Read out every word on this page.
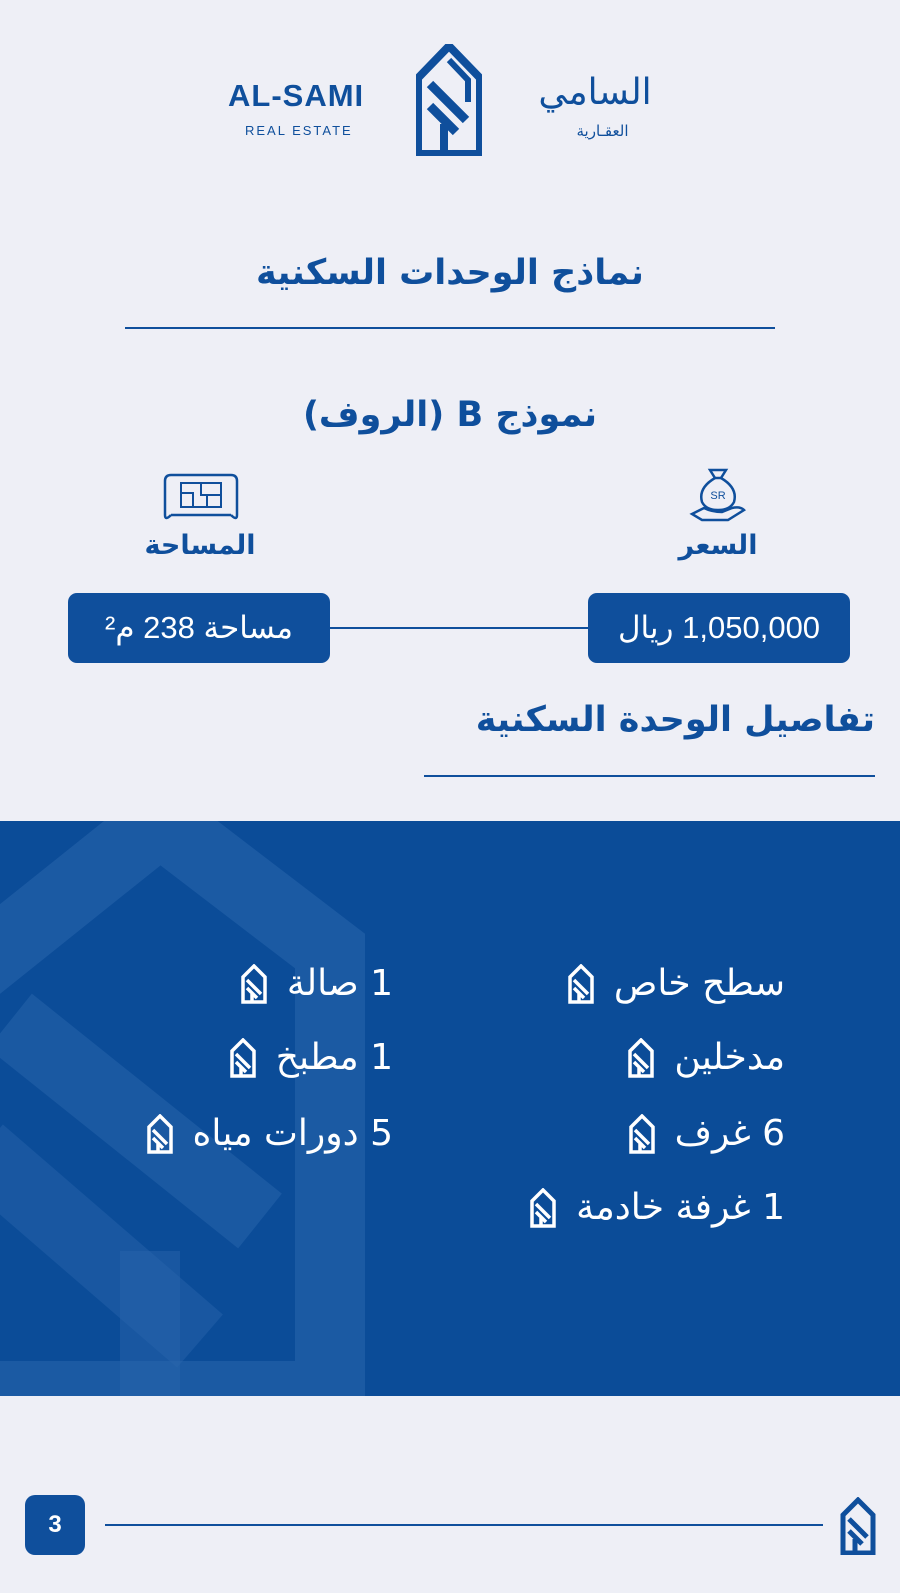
AL-SAMI
REAL ESTATE
السامي
العقـارية
نماذج الوحدات السكنية
نموذج B (الروف)
المساحة
SR
السعر
مساحة 238 م²	1,050,000 ريال
تفاصيل الوحدة السكنية
سطح خاص
مدخلين
6 غرف
1 غرفة خادمة
1 صالة
1 مطبخ
5 دورات مياه
3
